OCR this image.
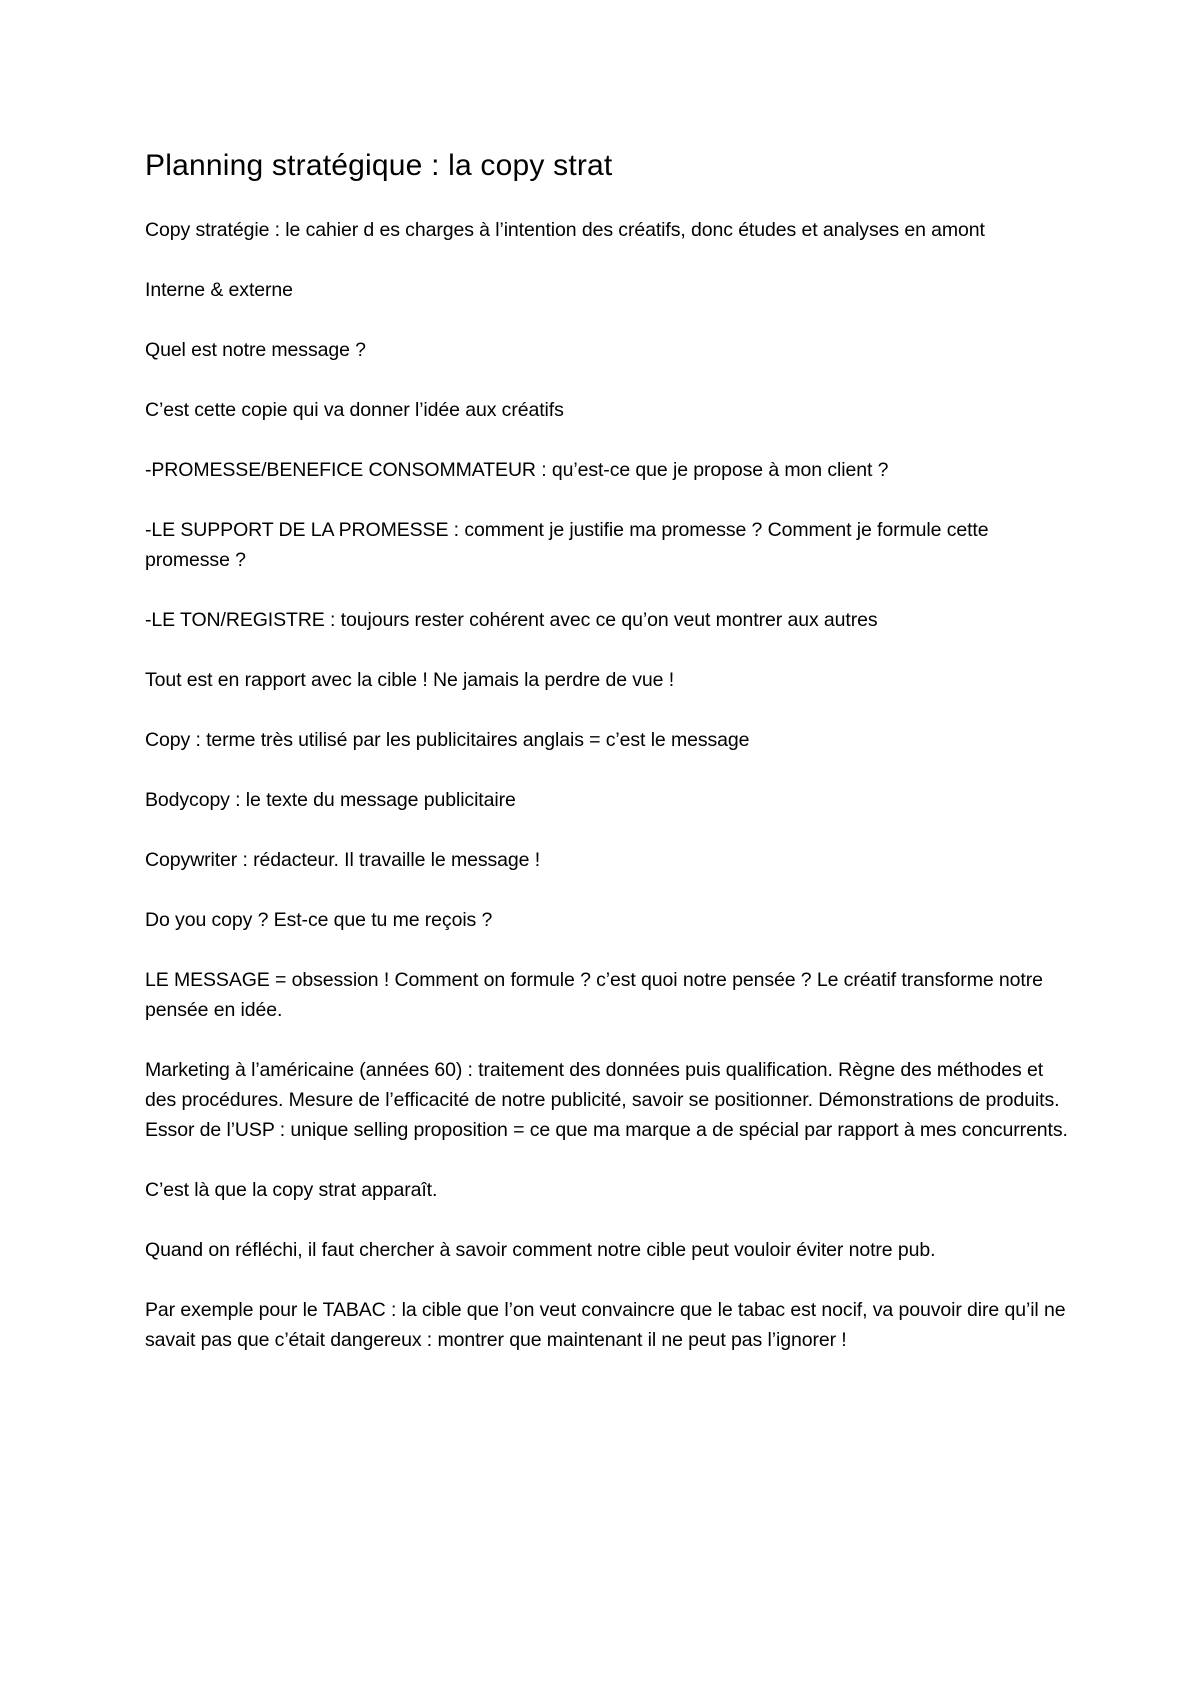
Planning stratégique : la copy strat

Copy stratégie : le cahier d es charges à l’intention des créatifs, donc études et analyses en amont

Interne & externe

Quel est notre message ?

C’est cette copie qui va donner l’idée aux créatifs

-PROMESSE/BENEFICE CONSOMMATEUR : qu’est-ce que je propose à mon client ?

-LE SUPPORT DE LA PROMESSE : comment je justifie ma promesse ? Comment je formule cette promesse ?

-LE TON/REGISTRE : toujours rester cohérent avec ce qu’on veut montrer aux autres

Tout est en rapport avec la cible ! Ne jamais la perdre de vue !

Copy : terme très utilisé par les publicitaires anglais = c’est le message

Bodycopy : le texte du message publicitaire

Copywriter : rédacteur. Il travaille le message !

Do you copy ? Est-ce que tu me reçois ?

LE MESSAGE = obsession ! Comment on formule ? c’est quoi notre pensée ? Le créatif transforme notre pensée en idée.

Marketing à l’américaine (années 60) : traitement des données puis qualification. Règne des méthodes et des procédures. Mesure de l’efficacité de notre publicité, savoir se positionner. Démonstrations de produits. Essor de l’USP : unique selling proposition = ce que ma marque a de spécial par rapport à mes concurrents.

C’est là que la copy strat apparaît.

Quand on réfléchi, il faut chercher à savoir comment notre cible peut vouloir éviter notre pub.

Par exemple pour le TABAC : la cible que l’on veut convaincre que le tabac est nocif, va pouvoir dire qu’il ne savait pas que c’était dangereux : montrer que maintenant il ne peut pas l’ignorer !
